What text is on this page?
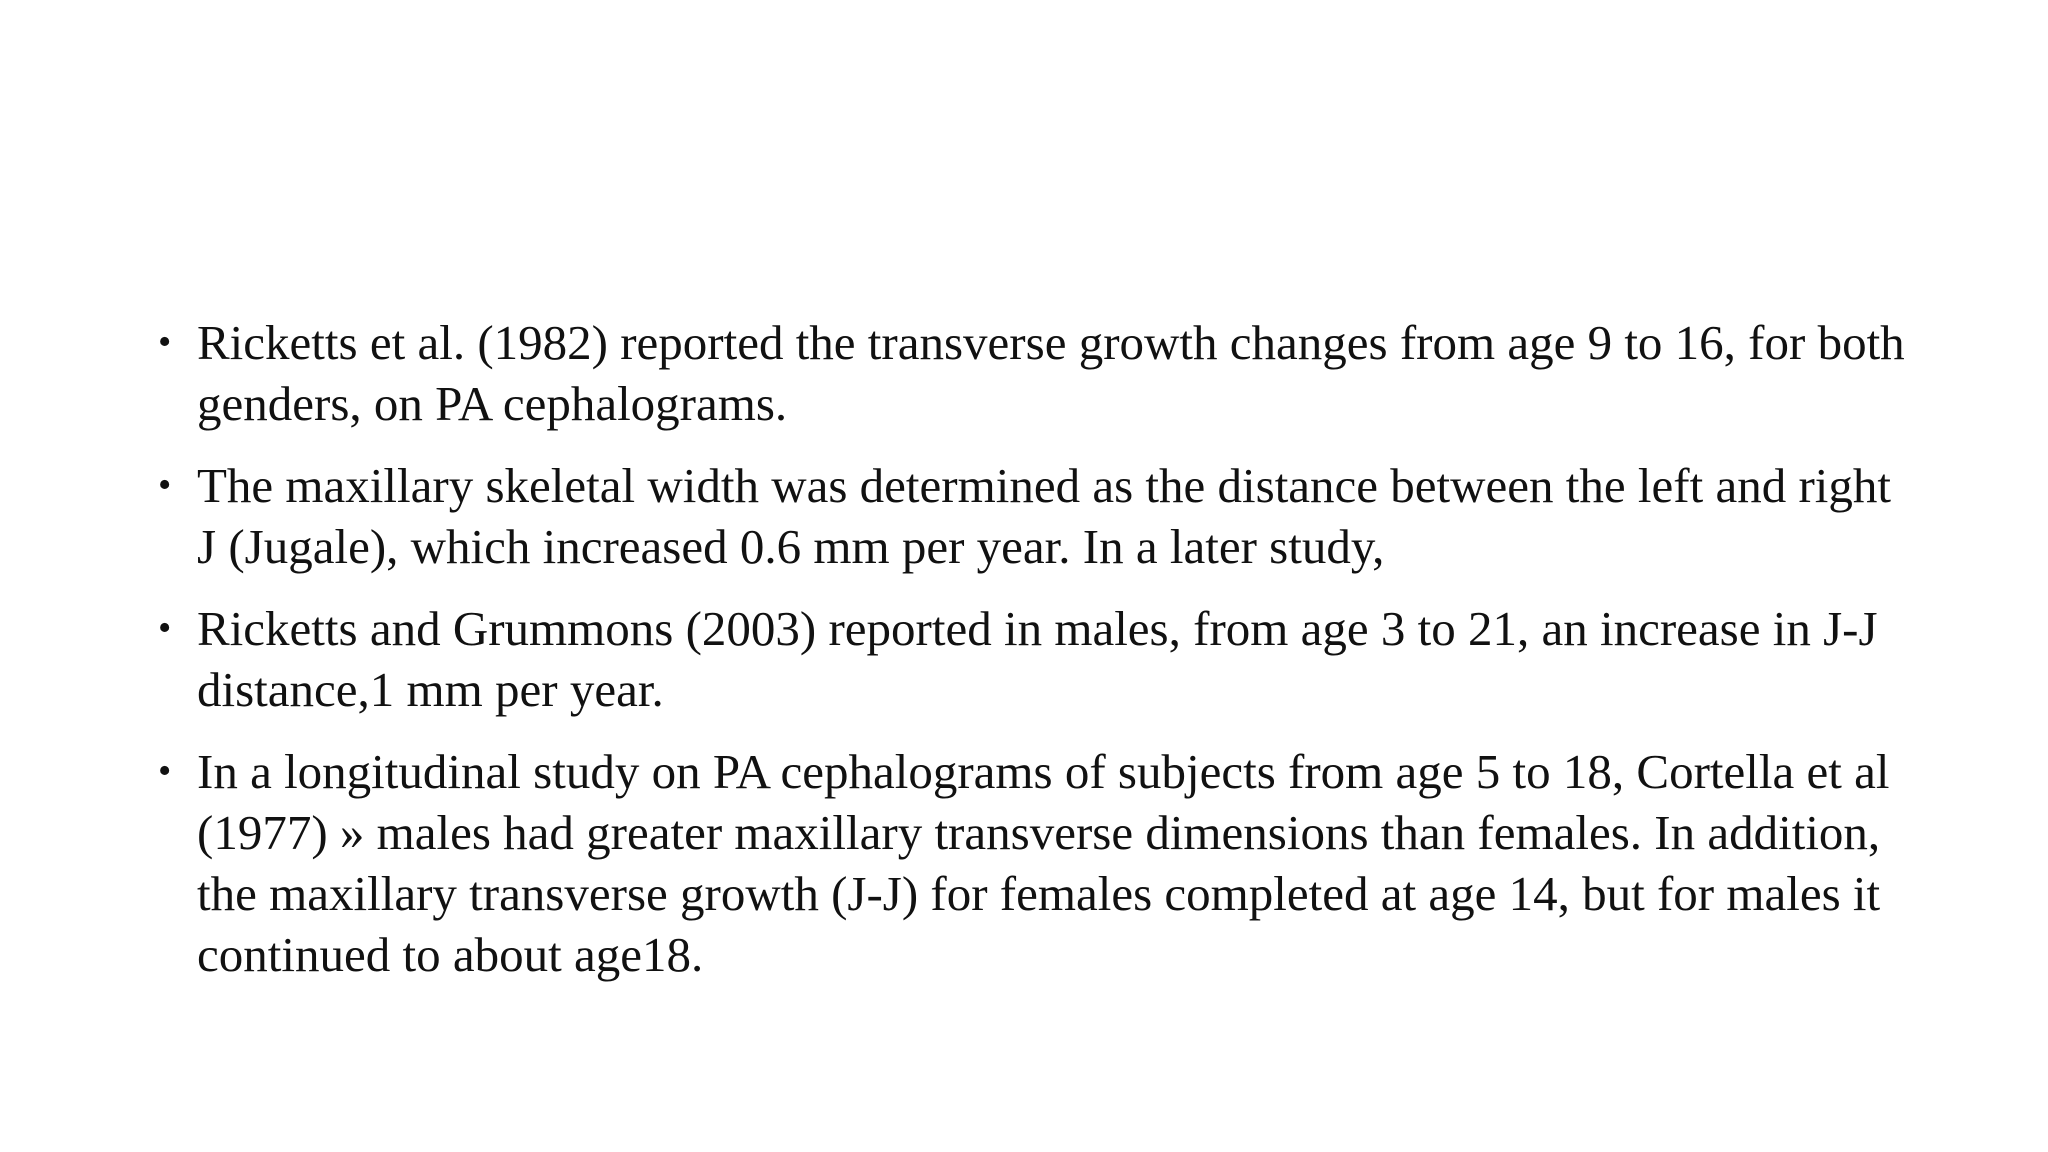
• Ricketts et al. (1982) reported the transverse growth changes from age 9 to 16, for both genders, on PA cephalograms.
• The maxillary skeletal width was determined as the distance between the left and right J (Jugale), which increased 0.6 mm per year. In a later study,
• Ricketts and Grummons (2003) reported in males, from age 3 to 21, an increase in J-J distance,1 mm per year.
• In a longitudinal study on PA cephalograms of subjects from age 5 to 18, Cortella et al (1977) » males had greater maxillary transverse dimensions than females. In addition, the maxillary transverse growth (J-J) for females completed at age 14, but for males it continued to about age18.
